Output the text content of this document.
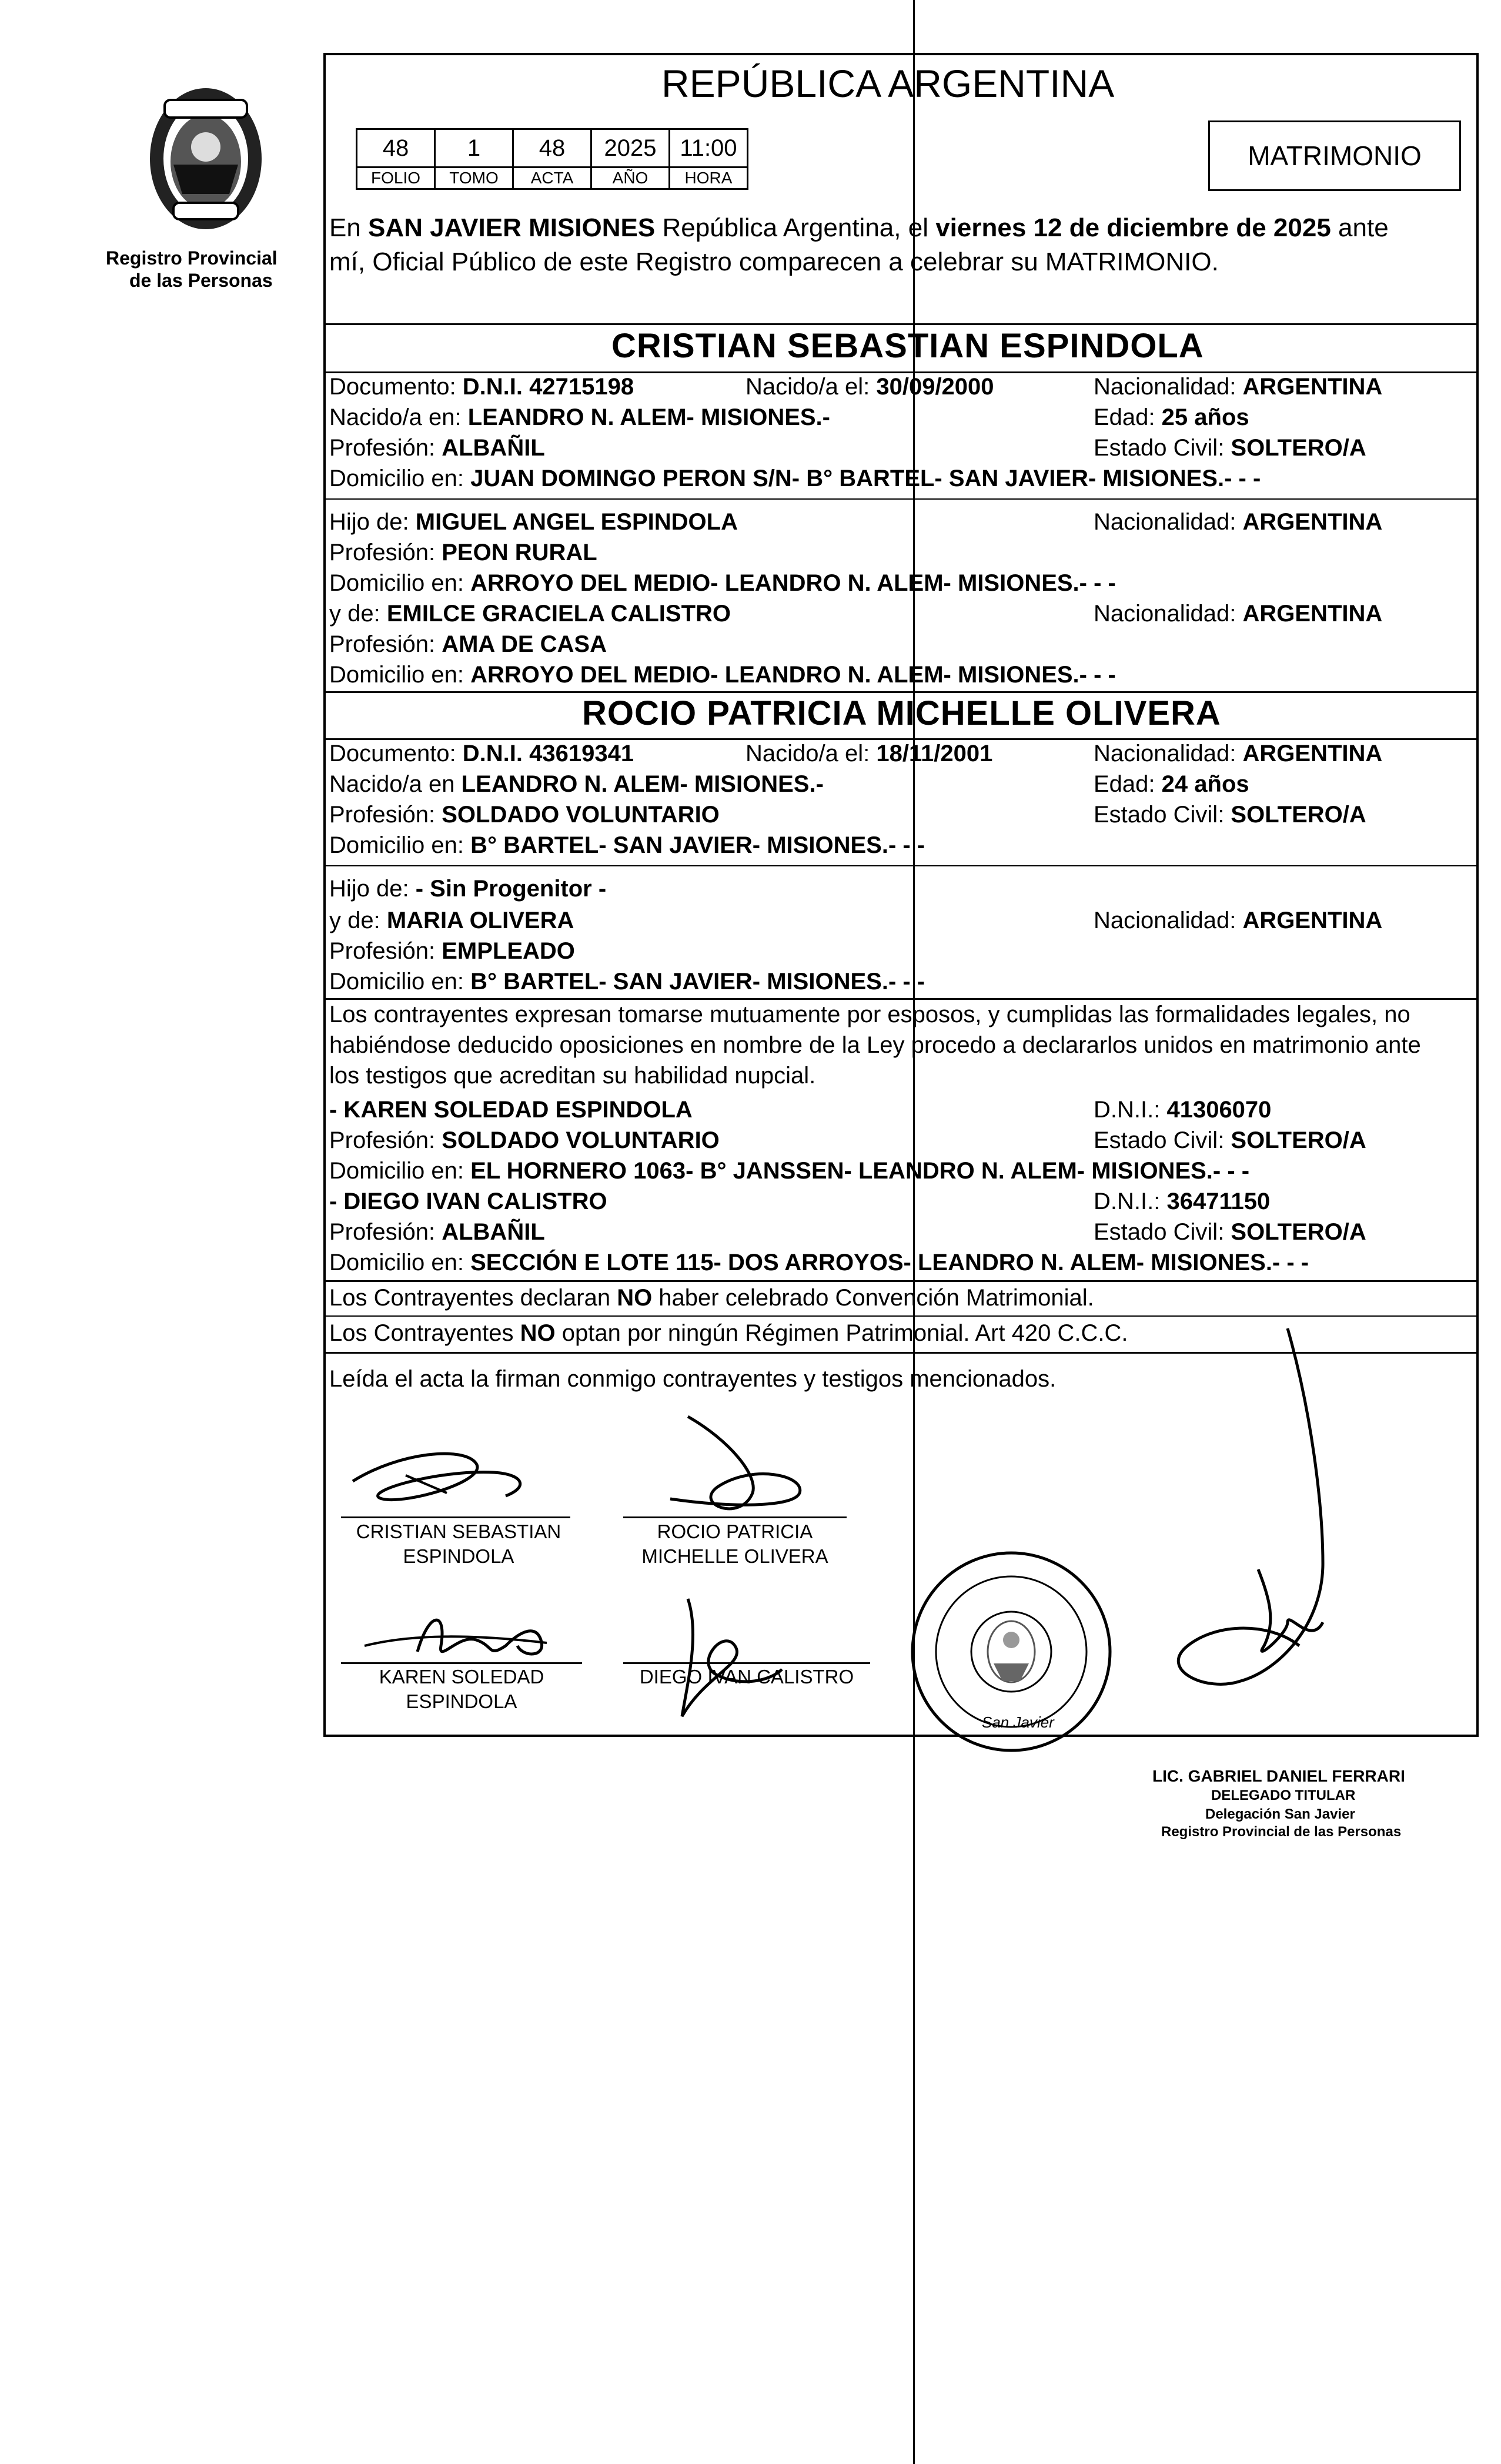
Registro Provincial
de las Personas
REPÚBLICA ARGENTINA
48	1	48	2025	11:00
FOLIO	TOMO	ACTA	AÑO	HORA
MATRIMONIO
En SAN JAVIER MISIONES República Argentina, el viernes 12 de diciembre de 2025 ante
mí, Oficial Público de este Registro comparecen a celebrar su MATRIMONIO.
CRISTIAN SEBASTIAN ESPINDOLA
Documento: D.N.I. 42715198	Nacido/a el: 30/09/2000	Nacionalidad: ARGENTINA
Nacido/a en: LEANDRO N. ALEM- MISIONES.-	Edad: 25 años
Profesión: ALBAÑIL	Estado Civil: SOLTERO/A
Domicilio en: JUAN DOMINGO PERON S/N- B° BARTEL- SAN JAVIER- MISIONES.- - -
Hijo de: MIGUEL ANGEL ESPINDOLA	Nacionalidad: ARGENTINA
Profesión: PEON RURAL
Domicilio en: ARROYO DEL MEDIO- LEANDRO N. ALEM- MISIONES.- - -
y de: EMILCE GRACIELA CALISTRO	Nacionalidad: ARGENTINA
Profesión: AMA DE CASA
Domicilio en: ARROYO DEL MEDIO- LEANDRO N. ALEM- MISIONES.- - -
ROCIO PATRICIA MICHELLE OLIVERA
Documento: D.N.I. 43619341	Nacido/a el: 18/11/2001	Nacionalidad: ARGENTINA
Nacido/a en LEANDRO N. ALEM- MISIONES.-	Edad: 24 años
Profesión: SOLDADO VOLUNTARIO	Estado Civil: SOLTERO/A
Domicilio en: B° BARTEL- SAN JAVIER- MISIONES.- - -
Hijo de: - Sin Progenitor -
y de: MARIA OLIVERA	Nacionalidad: ARGENTINA
Profesión: EMPLEADO
Domicilio en: B° BARTEL- SAN JAVIER- MISIONES.- - -
Los contrayentes expresan tomarse mutuamente por esposos, y cumplidas las formalidades legales, no
habiéndose deducido oposiciones en nombre de la Ley procedo a declararlos unidos en matrimonio ante
los testigos que acreditan su habilidad nupcial.
- KAREN SOLEDAD ESPINDOLA	D.N.I.: 41306070
Profesión: SOLDADO VOLUNTARIO	Estado Civil: SOLTERO/A
Domicilio en: EL HORNERO 1063- B° JANSSEN- LEANDRO N. ALEM- MISIONES.- - -
- DIEGO IVAN CALISTRO	D.N.I.: 36471150
Profesión: ALBAÑIL	Estado Civil: SOLTERO/A
Domicilio en: SECCIÓN E LOTE 115- DOS ARROYOS- LEANDRO N. ALEM- MISIONES.- - -
Los Contrayentes declaran NO haber celebrado Convención Matrimonial.
Los Contrayentes NO optan por ningún Régimen Patrimonial. Art 420 C.C.C.
Leída el acta la firman conmigo contrayentes y testigos mencionados.
CRISTIAN SEBASTIAN
ESPINDOLA
ROCIO PATRICIA
MICHELLE OLIVERA
KAREN SOLEDAD
ESPINDOLA
DIEGO IVAN CALISTRO
San Javier
LIC. GABRIEL DANIEL FERRARI
DELEGADO TITULAR
Delegación San Javier
Registro Provincial de las Personas
